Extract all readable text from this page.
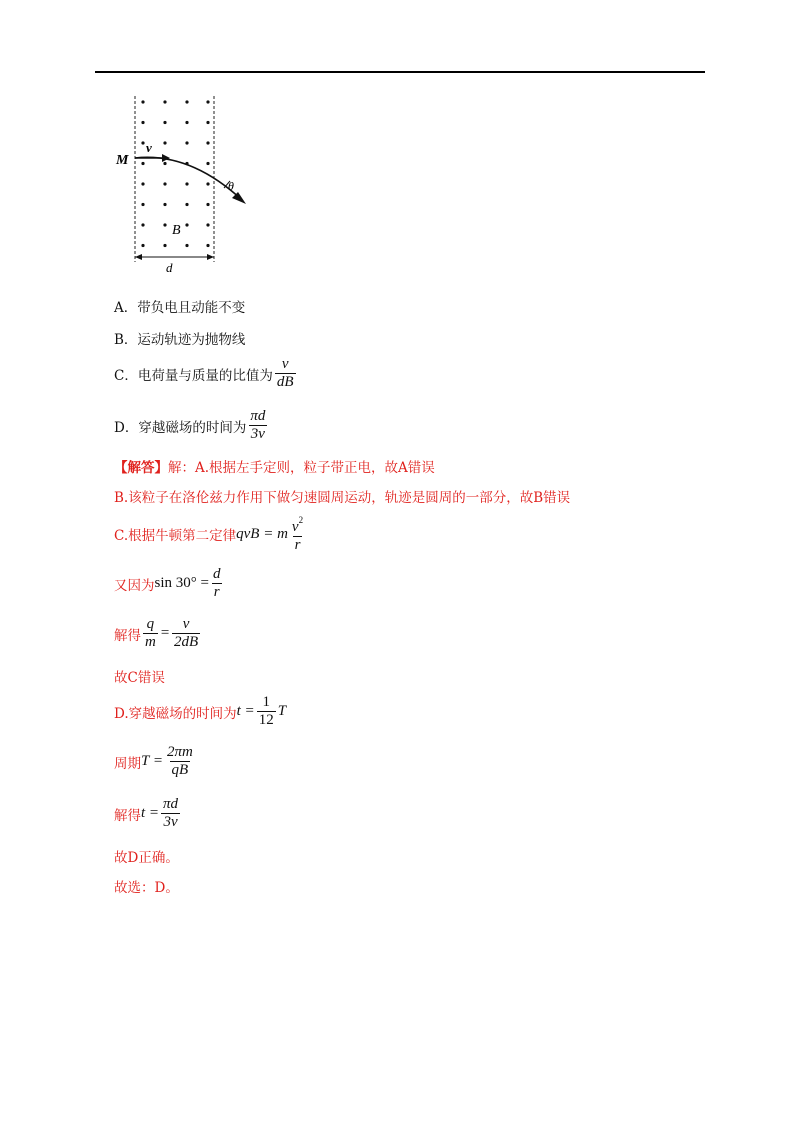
M
v
θ
B
d
A．带负电且动能不变
B．运动轨迹为抛物线
C．电荷量与质量的比值为 $\frac{v}{dB}$
D．穿越磁场的时间为 $\frac{\pi d}{3v}$
【解答】 解：A.根据左手定则，粒子带正电，故A错误
B.该粒子在洛伦兹力作用下做匀速圆周运动，轨迹是圆周的一部分，故B错误
C.根据牛顿第二定律 qvB = m $\frac{v^2}{r}$
又因为 $\sin 30^\circ = \frac{d}{r}$
解得 $\frac{q}{m} = \frac{v}{2dB}$
故C错误
D.穿越磁场的时间为 $t = \frac{1}{12}$ T
周期 $T = \frac{2\pi m}{qB}$
解得 $t = \frac{\pi d}{3v}$
故D正确。
故选：D。
